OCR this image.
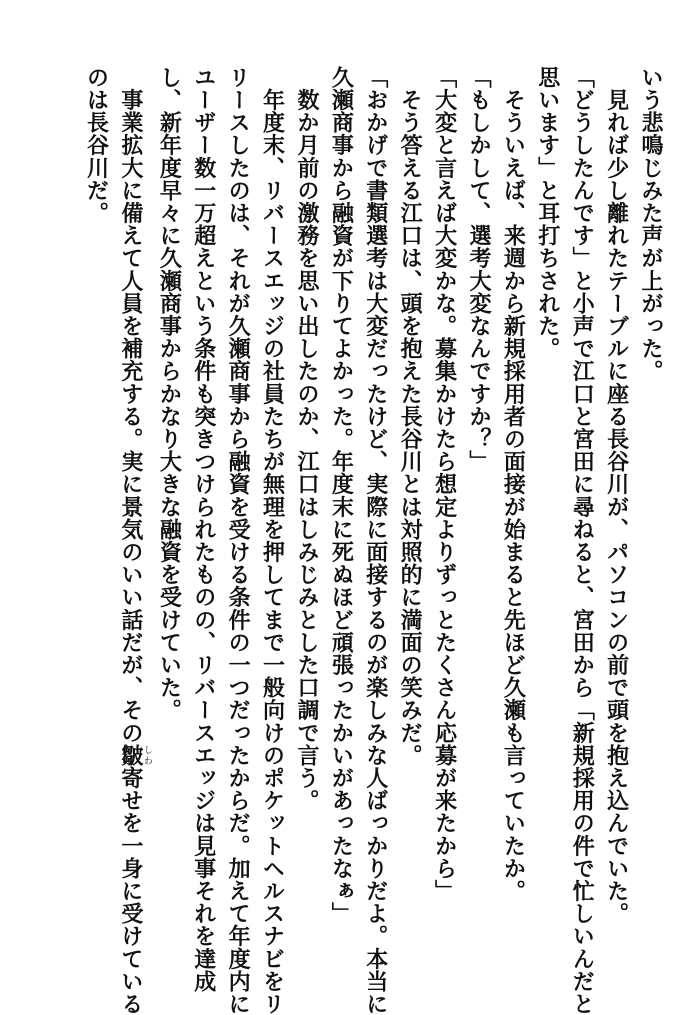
いう悲鳴じみた声が上がった。
　見れば少し離れたテーブルに座る長谷川が、パソコンの前で頭を抱え込んでいた。
「どうしたんです」と小声で江口と宮田に尋ねると、宮田から「新規採用の件で忙しいんだと
思います」と耳打ちされた。
　そういえば、来週から新規採用者の面接が始まると先ほど久瀬も言っていたか。
「もしかして、選考大変なんですか？」
「大変と言えば大変かな。募集かけたら想定よりずっとたくさん応募が来たから」
　そう答える江口は、頭を抱えた長谷川とは対照的に満面の笑みだ。
「おかげで書類選考は大変だったけど、実際に面接するのが楽しみな人ばっかりだよ。本当に
久瀬商事から融資が下りてよかった。年度末に死ぬほど頑張ったかいがあったなぁ」
　数か月前の激務を思い出したのか、江口はしみじみとした口調で言う。
　年度末、リバースエッジの社員たちが無理を押してまで一般向けのポケットヘルスナビをリ
リースしたのは、それが久瀬商事から融資を受ける条件の一つだったからだ。加えて年度内に
ユーザー数一万超えという条件も突きつけられたものの、リバースエッジは見事それを達成
し、新年度早々に久瀬商事からかなり大きな融資を受けていた。
　事業拡大に備えて人員を補充する。実に景気のいい話だが、その皺しわ寄せを一身に受けている
のは長谷川だ。
